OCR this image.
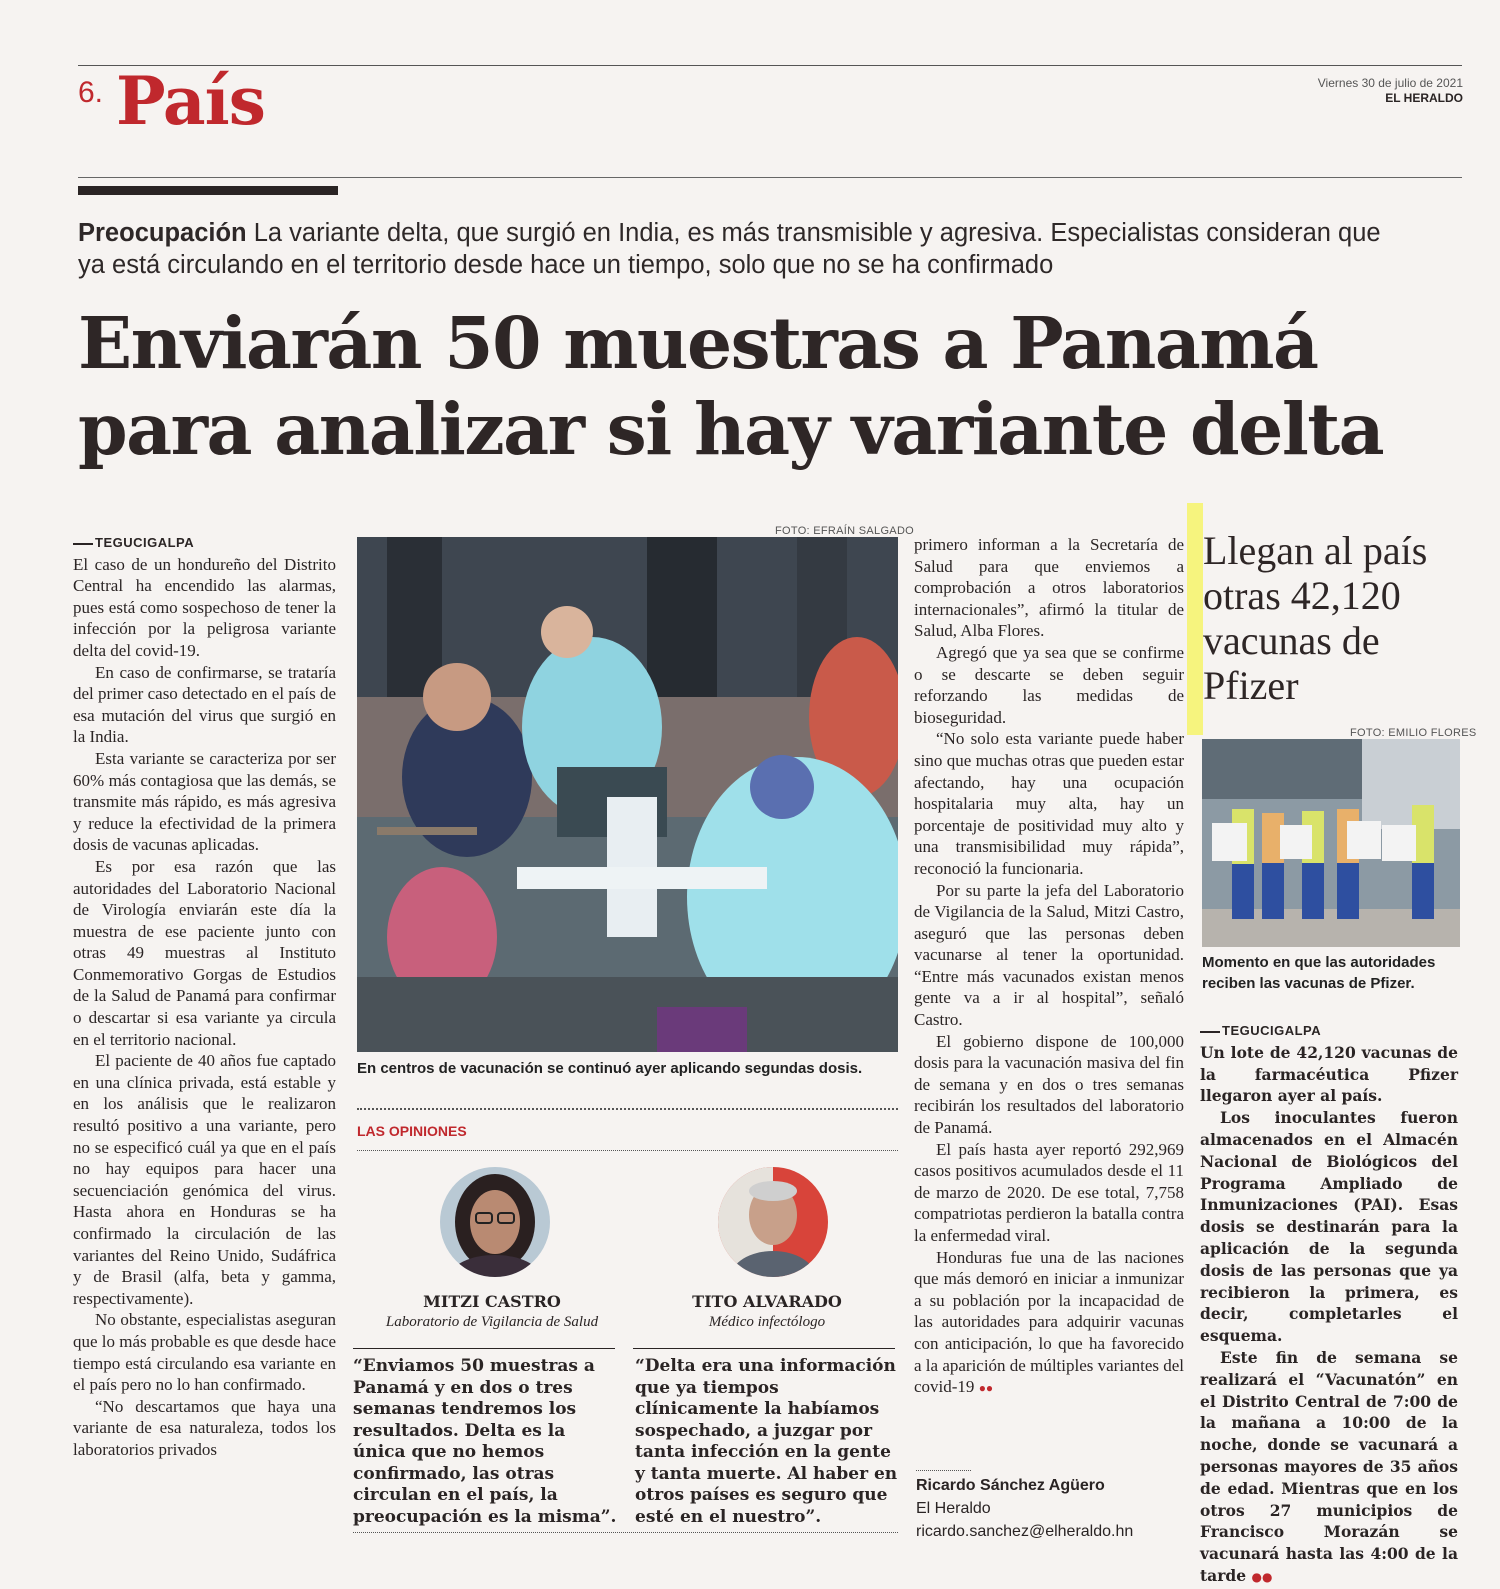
6. País	Viernes 30 de julio de 2021
EL HERALDO
Preocupación La variante delta, que surgió en India, es más transmisible y agresiva. Especialistas consideran que ya está circulando en el territorio desde hace un tiempo, solo que no se ha confirmado
Enviarán 50 muestras a Panamá
para analizar si hay variante delta
TEGUCIGALPA

El caso de un hondureño del Distrito Central ha encendido las alarmas, pues está como sospechoso de tener la infección por la peligrosa variante delta del covid-19.

En caso de confirmarse, se trataría del primer caso detectado en el país de esa mutación del virus que surgió en la India.

Esta variante se caracteriza por ser 60% más contagiosa que las demás, se transmite más rápido, es más agresiva y reduce la efectividad de la primera dosis de vacunas aplicadas.

Es por esa razón que las autoridades del Laboratorio Nacional de Virología enviarán este día la muestra de ese paciente junto con otras 49 muestras al Instituto Conmemorativo Gorgas de Estudios de la Salud de Panamá para confirmar o descartar si esa variante ya circula en el territorio nacional.

El paciente de 40 años fue captado en una clínica privada, está estable y en los análisis que le realizaron resultó positivo a una variante, pero no se especificó cuál ya que en el país no hay equipos para hacer una secuenciación genómica del virus. Hasta ahora en Honduras se ha confirmado la circulación de las variantes del Reino Unido, Sudáfrica y de Brasil (alfa, beta y gamma, respectivamente).

No obstante, especialistas aseguran que lo más probable es que desde hace tiempo está circulando esa variante en el país pero no lo han confirmado.

“No descartamos que haya una variante de esa naturaleza, todos los laboratorios privados

FOTO: EFRAÍN SALGADO
En centros de vacunación se continuó ayer aplicando segundas dosis.
LAS OPINIONES
MITZI CASTRO
Laboratorio de Vigilancia de Salud
TITO ALVARADO
Médico infectólogo
“Enviamos 50 muestras a Panamá y en dos o tres semanas tendremos los resultados. Delta es la única que no hemos confirmado, las otras circulan en el país, la preocupación es la misma”.
“Delta era una información que ya tiempos clínicamente la habíamos sospechado, a juzgar por tanta infección en la gente y tanta muerte. Al haber en otros países es seguro que esté en el nuestro”.

primero informan a la Secretaría de Salud para que enviemos a comprobación a otros laboratorios internacionales”, afirmó la titular de Salud, Alba Flores.

Agregó que ya sea que se confirme o se descarte se deben seguir reforzando las medidas de bioseguridad.

“No solo esta variante puede haber sino que muchas otras que pueden estar afectando, hay una ocupación hospitalaria muy alta, hay un porcentaje de positividad muy alto y una transmisibilidad muy rápida”, reconoció la funcionaria.

Por su parte la jefa del Laboratorio de Vigilancia de la Salud, Mitzi Castro, aseguró que las personas deben vacunarse al tener la oportunidad. “Entre más vacunados existan menos gente va a ir al hospital”, señaló Castro.

El gobierno dispone de 100,000 dosis para la vacunación masiva del fin de semana y en dos o tres semanas recibirán los resultados del laboratorio de Panamá.

El país hasta ayer reportó 292,969 casos positivos acumulados desde el 11 de marzo de 2020. De ese total, 7,758 compatriotas perdieron la batalla contra la enfermedad viral.

Honduras fue una de las naciones que más demoró en iniciar a inmunizar a su población por la incapacidad de las autoridades para adquirir vacunas con anticipación, lo que ha favorecido a la aparición de múltiples variantes del covid-19 ●●

Ricardo Sánchez Agüero
El Heraldo
ricardo.sanchez@elheraldo.hn
Llegan al país otras 42,120 vacunas de Pfizer
FOTO: EMILIO FLORES
Momento en que las autoridades reciben las vacunas de Pfizer.
TEGUCIGALPA

Un lote de 42,120 vacunas de la farmacéutica Pfizer llegaron ayer al país.

Los inoculantes fueron almacenados en el Almacén Nacional de Biológicos del Programa Ampliado de Inmunizaciones (PAI). Esas dosis se destinarán para la aplicación de la segunda dosis de las personas que ya recibieron la primera, es decir, completarles el esquema.

Este fin de semana se realizará el “Vacunatón” en el Distrito Central de 7:00 de la mañana a 10:00 de la noche, donde se vacunará a personas mayores de 35 años de edad. Mientras que en los otros 27 municipios de Francisco Morazán se vacunará hasta las 4:00 de la tarde ●●
